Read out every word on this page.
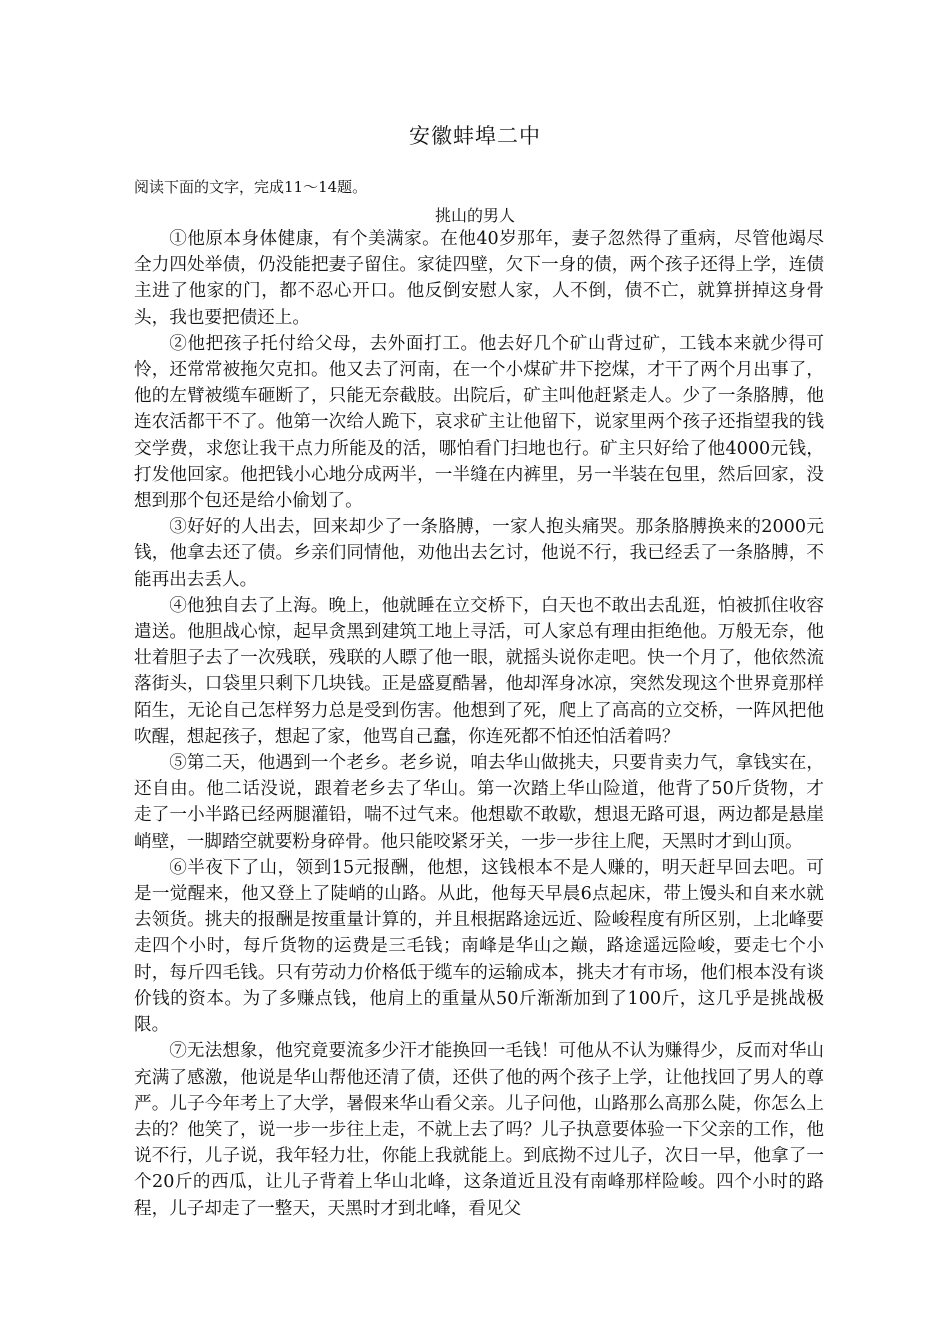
安徽蚌埠二中
阅读下面的文字，完成11～14题。
挑山的男人

①他原本身体健康，有个美满家。在他40岁那年，妻子忽然得了重病，尽管他竭尽全力四处举债，仍没能把妻子留住。家徒四壁，欠下一身的债，两个孩子还得上学，连债主进了他家的门，都不忍心开口。他反倒安慰人家，人不倒，债不亡，就算拼掉这身骨头，我也要把债还上。

②他把孩子托付给父母，去外面打工。他去好几个矿山背过矿，工钱本来就少得可怜，还常常被拖欠克扣。他又去了河南，在一个小煤矿井下挖煤，才干了两个月出事了，他的左臂被缆车砸断了，只能无奈截肢。出院后，矿主叫他赶紧走人。少了一条胳膊，他连农活都干不了。他第一次给人跪下，哀求矿主让他留下，说家里两个孩子还指望我的钱交学费，求您让我干点力所能及的活，哪怕看门扫地也行。矿主只好给了他4000元钱，打发他回家。他把钱小心地分成两半，一半缝在内裤里，另一半装在包里，然后回家，没想到那个包还是给小偷划了。

③好好的人出去，回来却少了一条胳膊，一家人抱头痛哭。那条胳膊换来的2000元钱，他拿去还了债。乡亲们同情他，劝他出去乞讨，他说不行，我已经丢了一条胳膊，不能再出去丢人。

④他独自去了上海。晚上，他就睡在立交桥下，白天也不敢出去乱逛，怕被抓住收容遣送。他胆战心惊，起早贪黑到建筑工地上寻活，可人家总有理由拒绝他。万般无奈，他壮着胆子去了一次残联，残联的人瞟了他一眼，就摇头说你走吧。快一个月了，他依然流落街头，口袋里只剩下几块钱。正是盛夏酷暑，他却浑身冰凉，突然发现这个世界竟那样陌生，无论自己怎样努力总是受到伤害。他想到了死，爬上了高高的立交桥，一阵风把他吹醒，想起孩子，想起了家，他骂自己蠢，你连死都不怕还怕活着吗？

⑤第二天，他遇到一个老乡。老乡说，咱去华山做挑夫，只要肯卖力气，拿钱实在，还自由。他二话没说，跟着老乡去了华山。第一次踏上华山险道，他背了50斤货物，才走了一小半路已经两腿灌铅，喘不过气来。他想歇不敢歇，想退无路可退，两边都是悬崖峭壁，一脚踏空就要粉身碎骨。他只能咬紧牙关，一步一步往上爬，天黑时才到山顶。

⑥半夜下了山，领到15元报酬，他想，这钱根本不是人赚的，明天赶早回去吧。可是一觉醒来，他又登上了陡峭的山路。从此，他每天早晨6点起床，带上馒头和自来水就去领货。挑夫的报酬是按重量计算的，并且根据路途远近、险峻程度有所区别，上北峰要走四个小时，每斤货物的运费是三毛钱；南峰是华山之巅，路途遥远险峻，要走七个小时，每斤四毛钱。只有劳动力价格低于缆车的运输成本，挑夫才有市场，他们根本没有谈价钱的资本。为了多赚点钱，他肩上的重量从50斤渐渐加到了100斤，这几乎是挑战极限。

⑦无法想象，他究竟要流多少汗才能换回一毛钱！可他从不认为赚得少，反而对华山充满了感激，他说是华山帮他还清了债，还供了他的两个孩子上学，让他找回了男人的尊严。儿子今年考上了大学，暑假来华山看父亲。儿子问他，山路那么高那么陡，你怎么上去的？他笑了，说一步一步往上走，不就上去了吗？儿子执意要体验一下父亲的工作，他说不行，儿子说，我年轻力壮，你能上我就能上。到底拗不过儿子，次日一早，他拿了一个20斤的西瓜，让儿子背着上华山北峰，这条道近且没有南峰那样险峻。四个小时的路程，儿子却走了一整天，天黑时才到北峰，看见父
